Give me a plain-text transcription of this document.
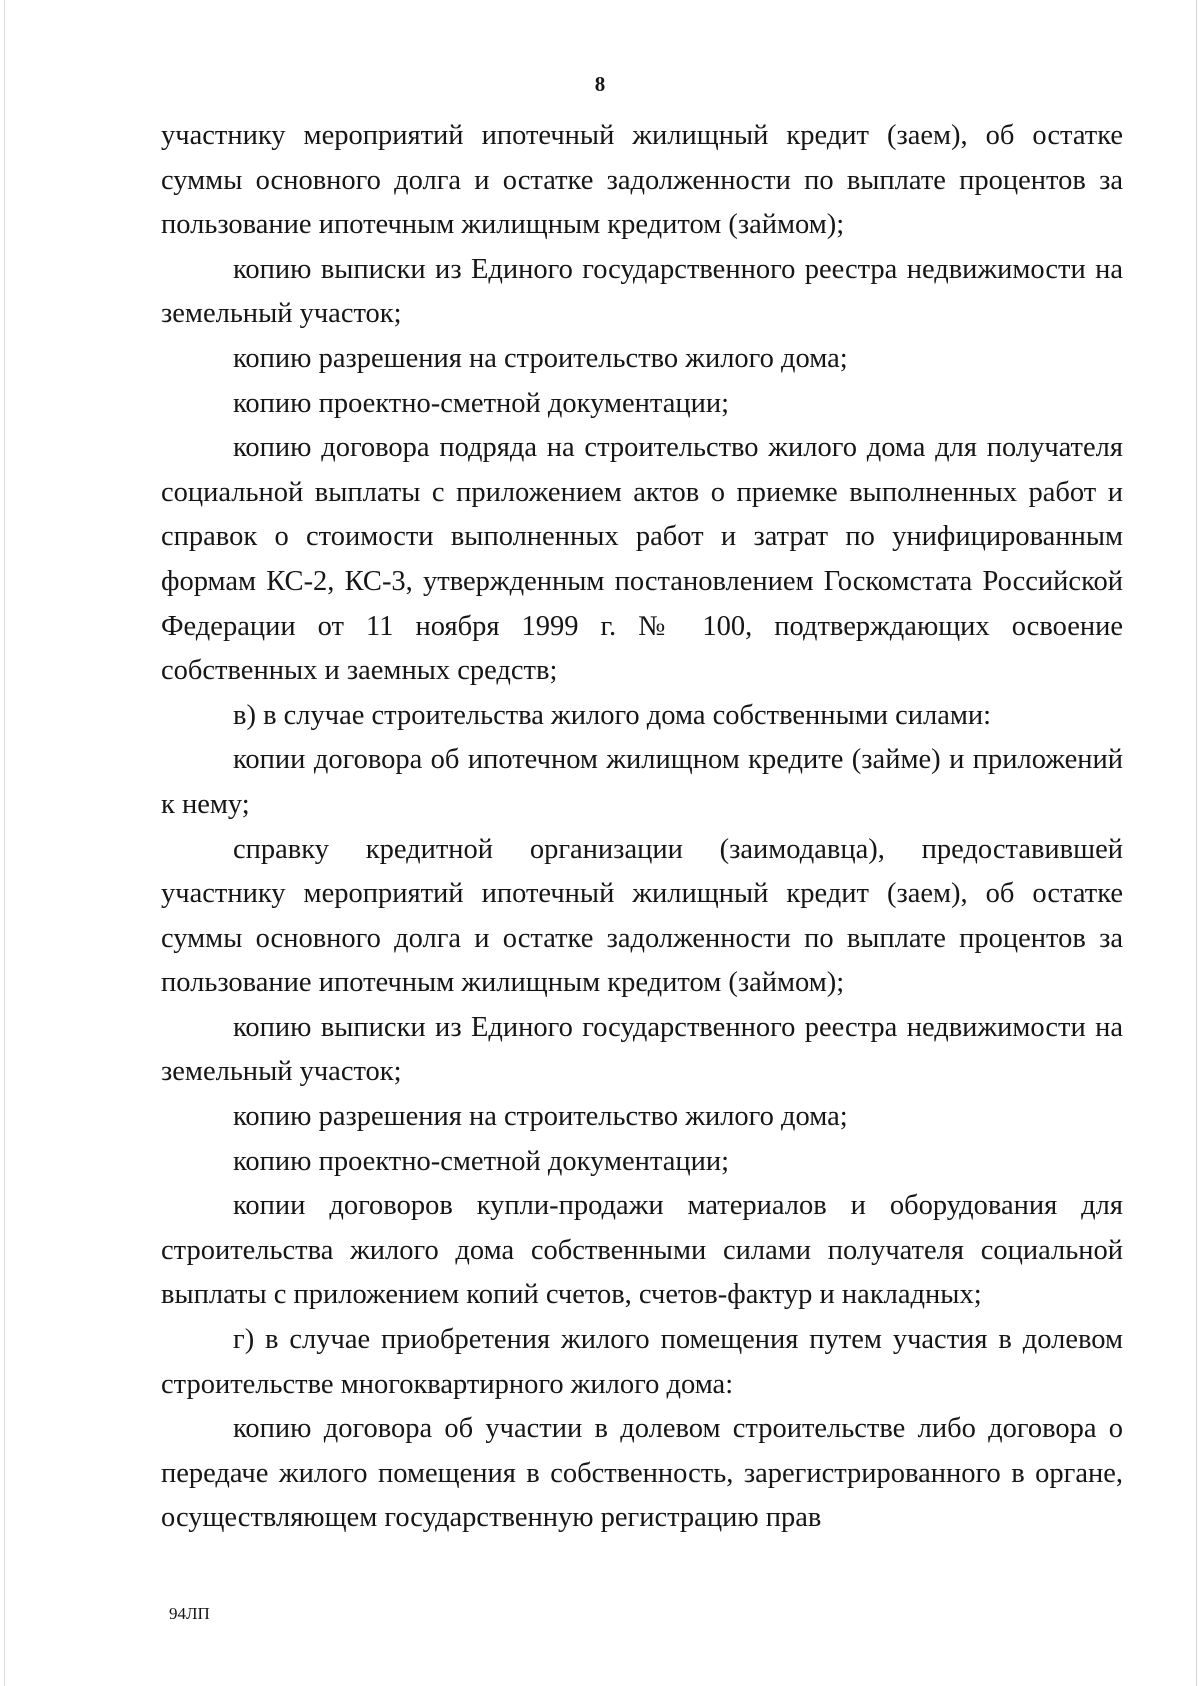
8

участнику мероприятий ипотечный жилищный кредит (заем), об остатке суммы основного долга и остатке задолженности по выплате процентов за пользование ипотечным жилищным кредитом (займом);

копию выписки из Единого государственного реестра недвижимости на земельный участок;

копию разрешения на строительство жилого дома;

копию проектно-сметной документации;

копию договора подряда на строительство жилого дома для получателя социальной выплаты с приложением актов о приемке выполненных работ и справок о стоимости выполненных работ и затрат по унифицированным формам КС-2, КС-3, утвержденным постановлением Госкомстата Российской Федерации от 11 ноября 1999 г. № 100, подтверждающих освоение собственных и заемных средств;

в) в случае строительства жилого дома собственными силами:

копии договора об ипотечном жилищном кредите (займе) и приложений к нему;

справку кредитной организации (заимодавца), предоставившей участнику мероприятий ипотечный жилищный кредит (заем), об остатке суммы основного долга и остатке задолженности по выплате процентов за пользование ипотечным жилищным кредитом (займом);

копию выписки из Единого государственного реестра недвижимости на земельный участок;

копию разрешения на строительство жилого дома;

копию проектно-сметной документации;

копии договоров купли-продажи материалов и оборудования для строительства жилого дома собственными силами получателя социальной выплаты с приложением копий счетов, счетов-фактур и накладных;

г) в случае приобретения жилого помещения путем участия в долевом строительстве многоквартирного жилого дома:

копию договора об участии в долевом строительстве либо договора о передаче жилого помещения в собственность, зарегистрированного в органе, осуществляющем государственную регистрацию прав

94ЛП
